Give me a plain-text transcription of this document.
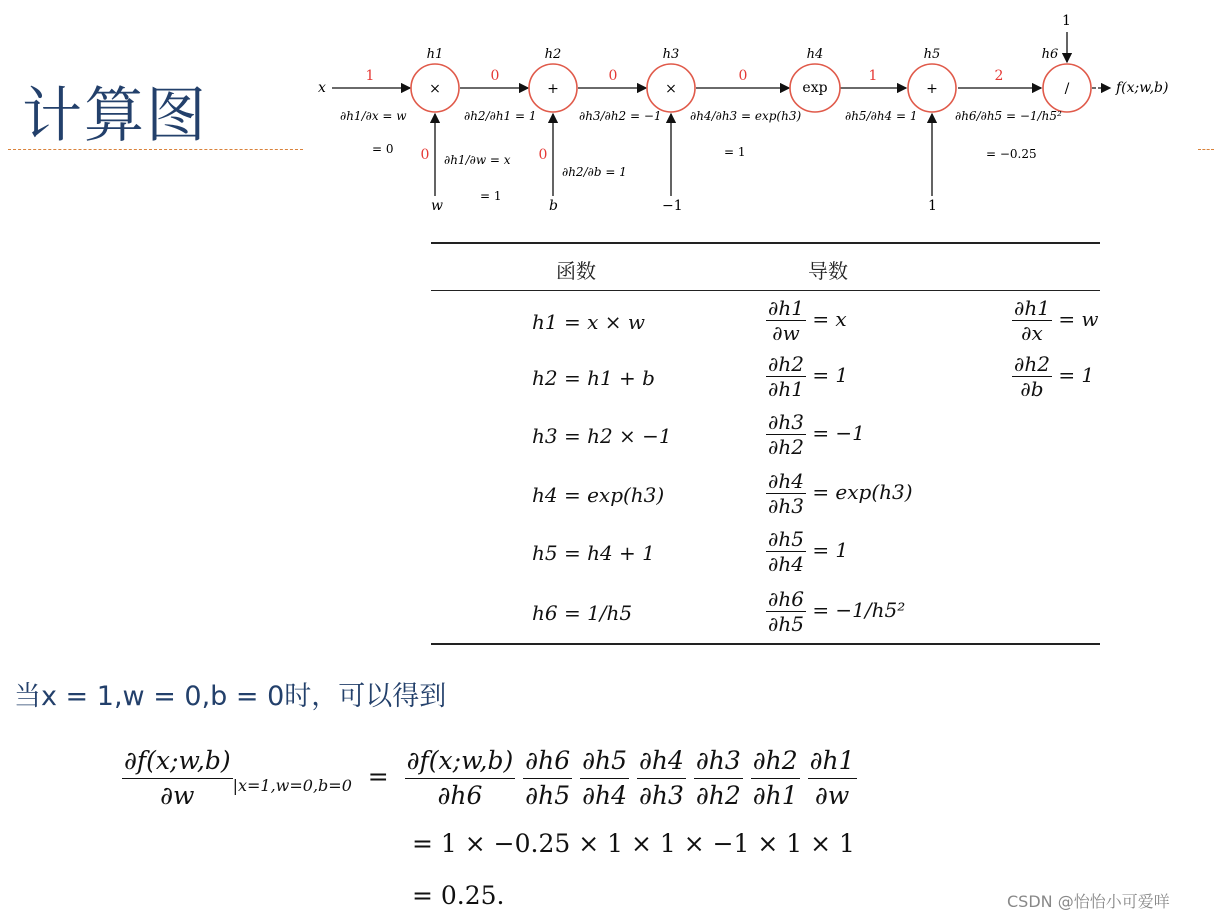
计算图	×	+	×	exp	+	/
h1	h2	h3	h4	h5	h6
x
w	b	−1	1
1
f(x;w,b)
1	0	0	0	1	2
0	0
∂h1/∂x = w
= 0
∂h2/∂h1 = 1	∂h3/∂h2 = −1 ∂h4/∂h3 = exp(h3)
= 1
∂h5/∂h4 = 1	∂h6/∂h5 = −1/h5²
= −0.25
∂h1/∂w = x
= 1
∂h2/∂b = 1
函数	导数
h1 = x × w	$\frac{\partial h1}{\partial w} = x$	$\frac{\partial h1}{\partial x} = w$
h2 = h1 + b	$\frac{\partial h2}{\partial h1} = 1$	$\frac{\partial h2}{\partial b} = 1$
h3 = h2 × −1	$\frac{\partial h3}{\partial h2} = -1$
h4 = exp(h3)	$\frac{\partial h4}{\partial h3} = \exp(h3)$
h5 = h4 + 1	$\frac{\partial h5}{\partial h4} = 1$
h6 = 1/h5	$\frac{\partial h6}{\partial h5} = -1/h5^2$
当x = 1,w = 0,b = 0时，可以得到
$\frac{\partial f(x;w,b)}{\partial w} _{|x=1,w=0,b=0} = \frac{\partial f(x;w,b)}{\partial h6}$
$\frac{\partial h6}{\partial h5}$
$\frac{\partial h5}{\partial h4}$
$\frac{\partial h4}{\partial h3}$
$\frac{\partial h3}{\partial h2}$
$\frac{\partial h2}{\partial h1}$
$\frac{\partial h1}{\partial w}$
= 1 × −0.25 × 1 × 1 × −1 × 1 × 1
= 0.25.	CSDN @怡怡小可爱咩
